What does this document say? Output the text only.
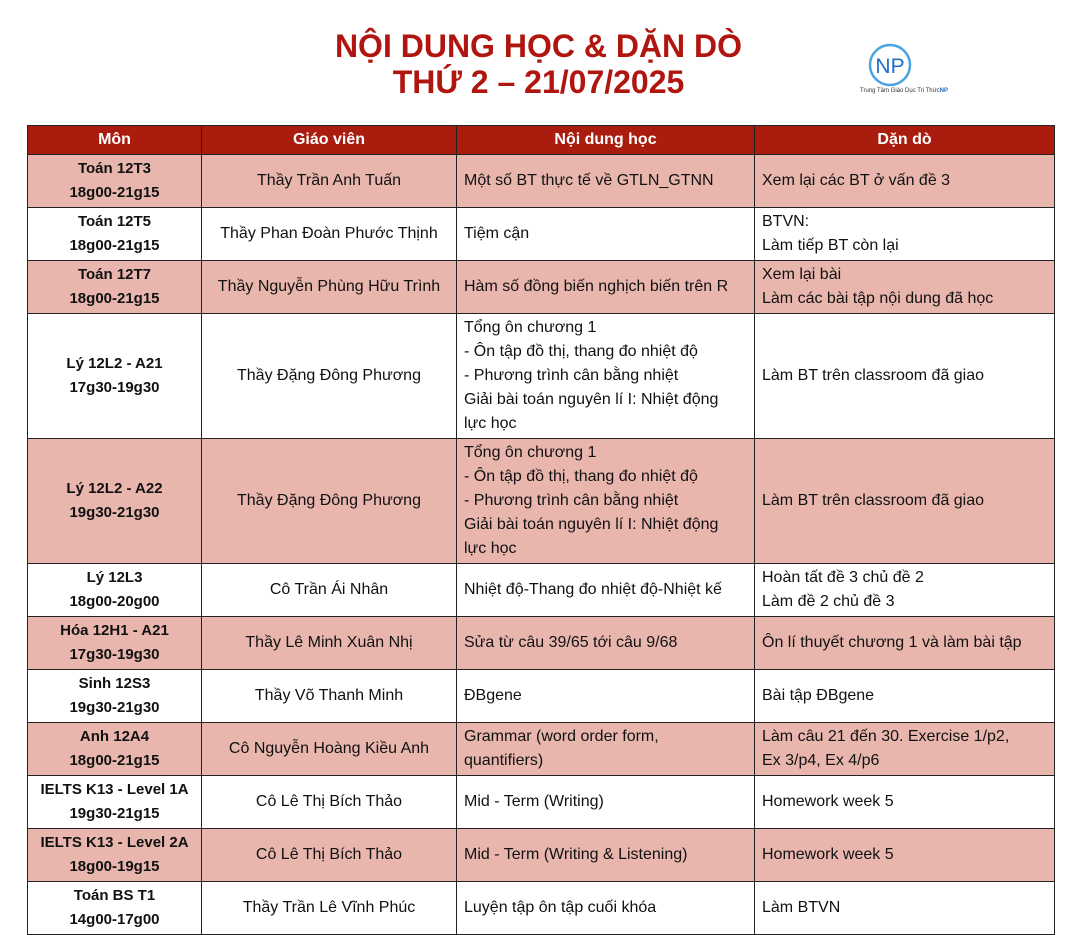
NỘI DUNG HỌC & DẶN DÒ
THỨ 2 – 21/07/2025	NP
Trung Tâm Giáo Dục Tri ThứcNP
Môn	Giáo viên	Nội dung học	Dặn dò

Toán 12T3
18g00-21g15	Thầy Trần Anh Tuấn	Một số BT thực tế về GTLN_GTNN	Xem lại các BT ở vấn đề 3

Toán 12T5
18g00-21g15	Thầy Phan Đoàn Phước Thịnh	Tiệm cận	BTVN:
Làm tiếp BT còn lại

Toán 12T7
18g00-21g15	Thầy Nguyễn Phùng Hữu Trình	Hàm số đồng biến nghịch biến trên R	Xem lại bài
Làm các bài tập nội dung đã học

Lý 12L2 - A21
17g30-19g30	Thầy Đặng Đông Phương	Tổng ôn chương 1
- Ôn tập đồ thị, thang đo nhiệt độ
- Phương trình cân bằng nhiệt
Giải bài toán nguyên lí I: Nhiệt động
lực học	Làm BT trên classroom đã giao

Lý 12L2 - A22
19g30-21g30	Thầy Đặng Đông Phương	Tổng ôn chương 1
- Ôn tập đồ thị, thang đo nhiệt độ
- Phương trình cân bằng nhiệt
Giải bài toán nguyên lí I: Nhiệt động
lực học	Làm BT trên classroom đã giao

Lý 12L3
18g00-20g00	Cô Trần Ái Nhân	Nhiệt độ-Thang đo nhiệt độ-Nhiệt kế	Hoàn tất đề 3 chủ đề 2
Làm đề 2 chủ đề 3

Hóa 12H1 - A21
17g30-19g30	Thầy Lê Minh Xuân Nhị	Sửa từ câu 39/65 tới câu 9/68	Ôn lí thuyết chương 1 và làm bài tập

Sinh 12S3
19g30-21g30	Thầy Võ Thanh Minh	ĐBgene	Bài tập ĐBgene

Anh 12A4
18g00-21g15	Cô Nguyễn Hoàng Kiều Anh	Grammar (word order form,
quantifiers)	Làm câu 21 đến 30. Exercise 1/p2,
Ex 3/p4, Ex 4/p6

IELTS K13 - Level 1A
19g30-21g15	Cô Lê Thị Bích Thảo	Mid - Term (Writing)	Homework week 5

IELTS K13 - Level 2A
18g00-19g15	Cô Lê Thị Bích Thảo	Mid - Term (Writing & Listening)	Homework week 5

Toán BS T1
14g00-17g00	Thầy Trần Lê Vĩnh Phúc	Luyện tập ôn tập cuối khóa	Làm BTVN
